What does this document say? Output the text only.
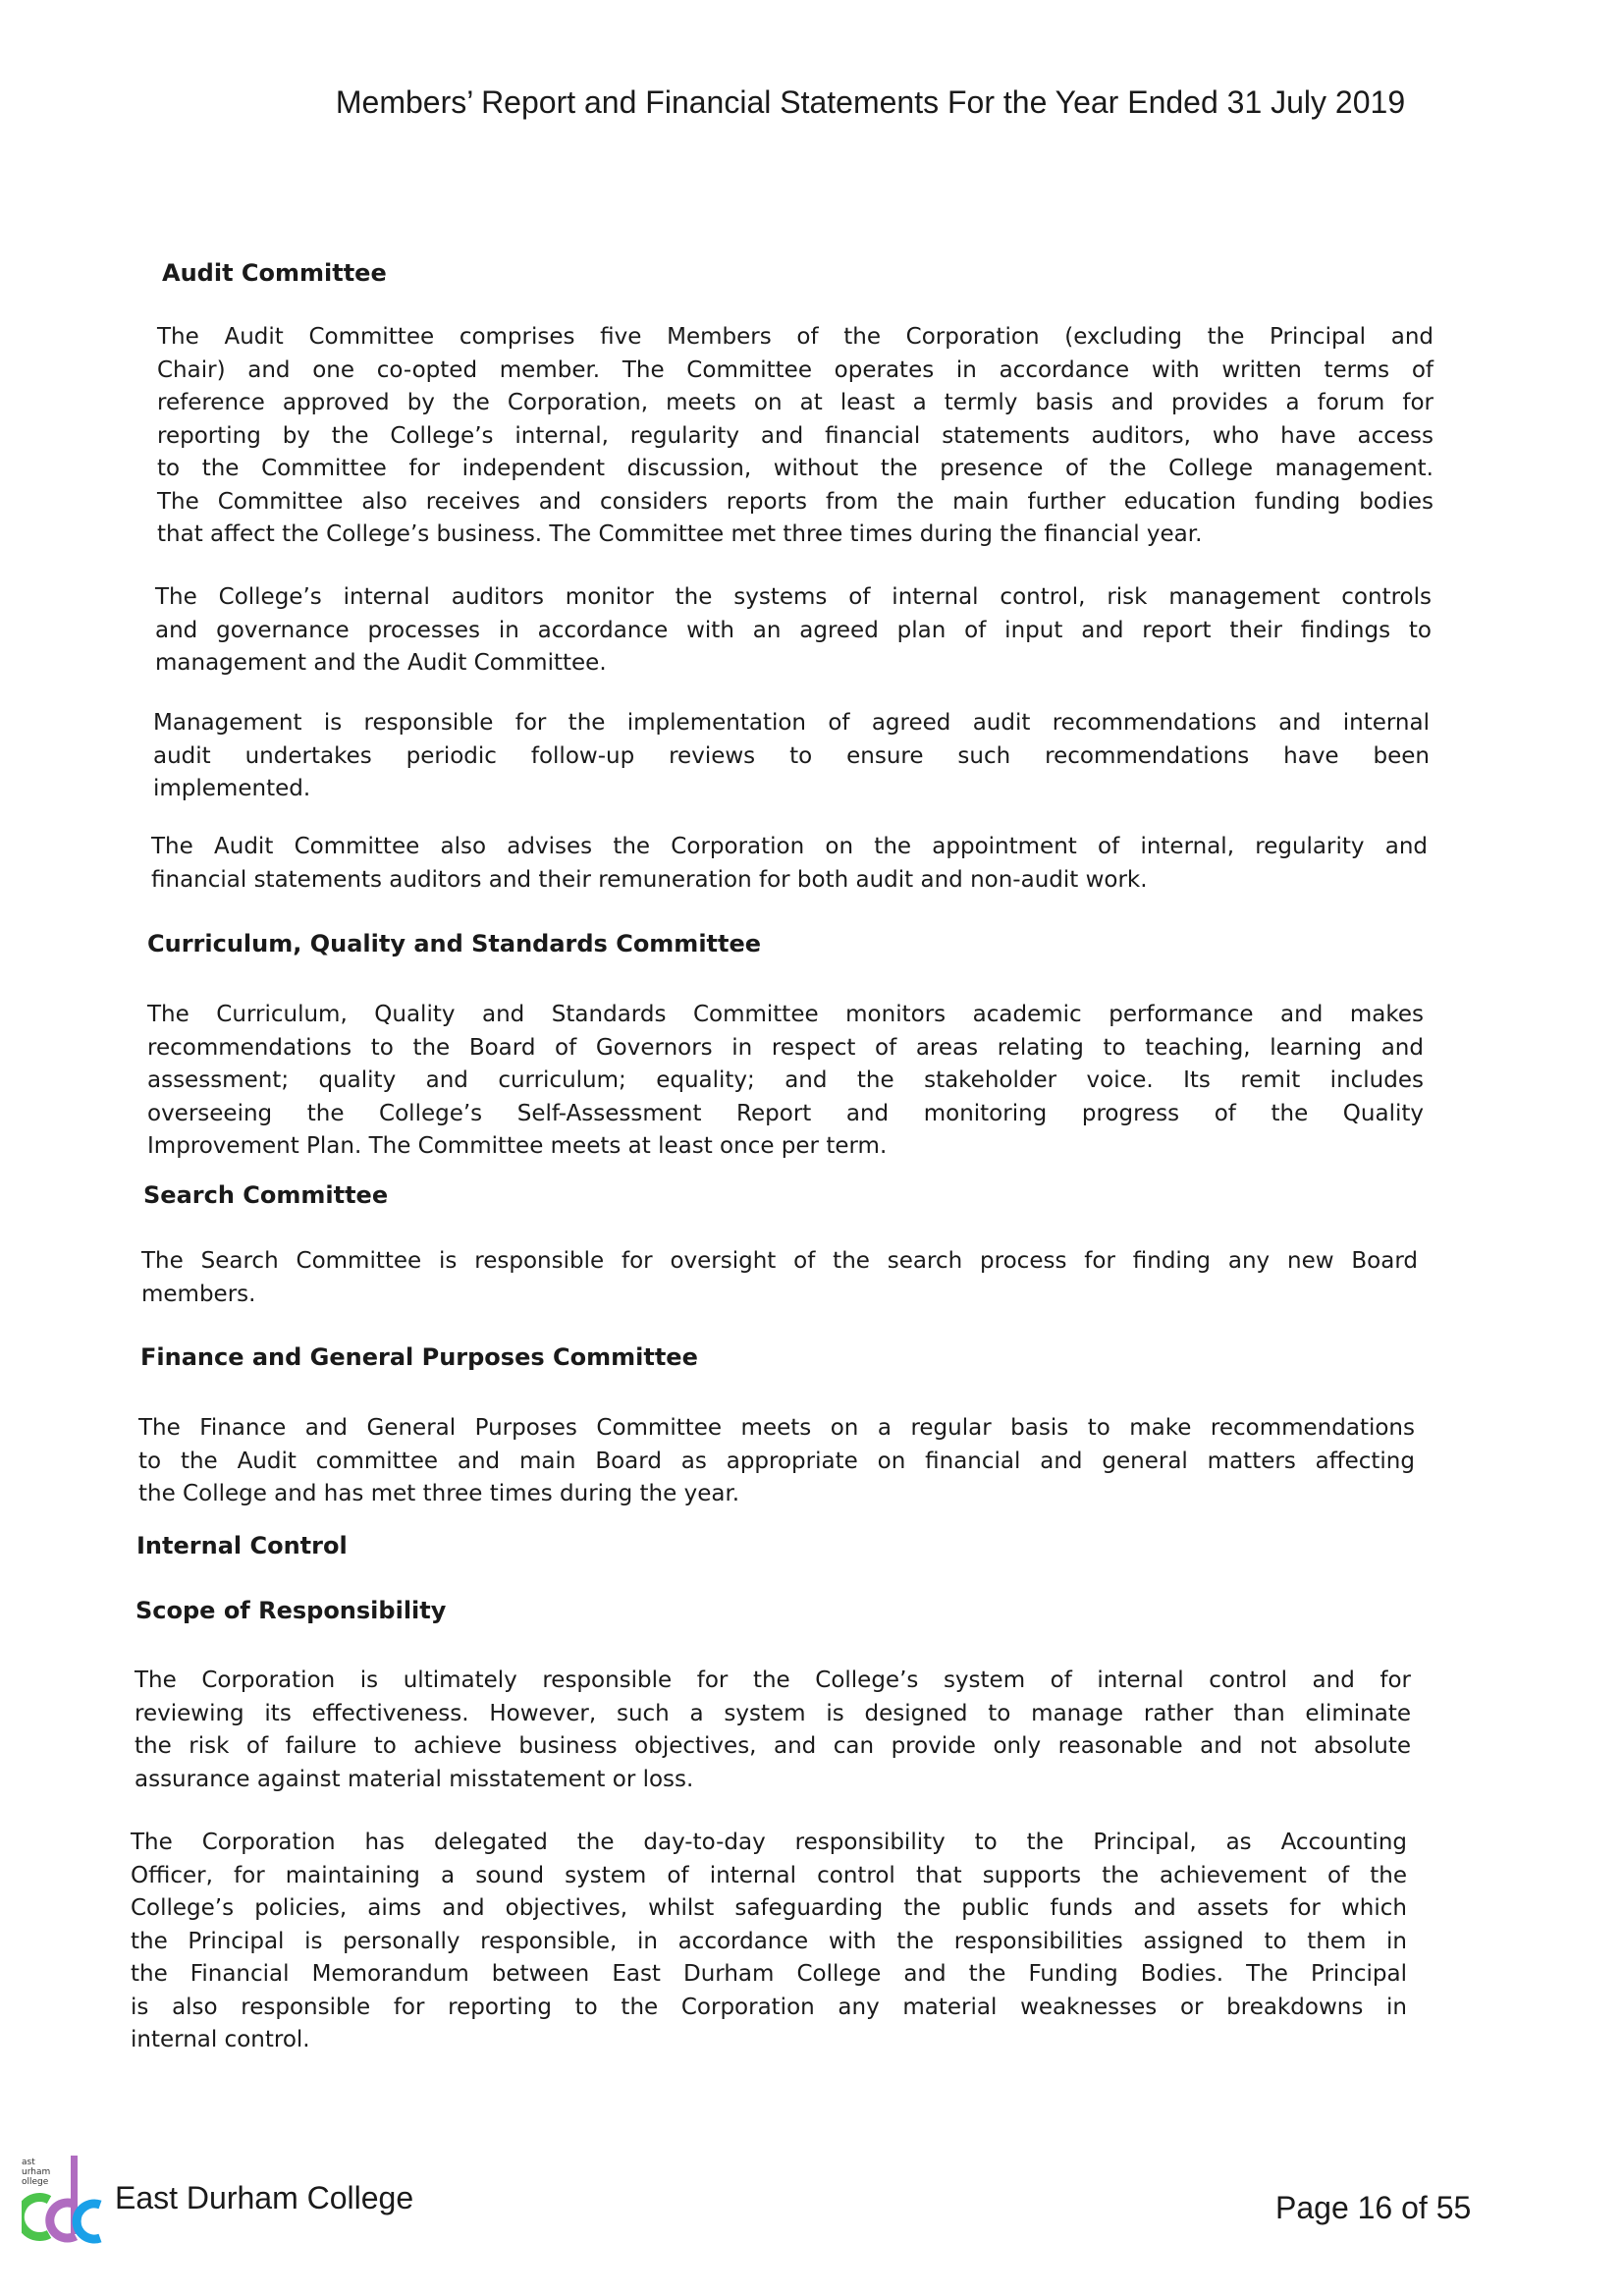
Members’ Report and Financial Statements For the Year Ended 31 July 2019
Audit Committee
The Audit Committee comprises five Members of the Corporation (excluding the Principal and
Chair) and one co-opted member. The Committee operates in accordance with written terms of
reference approved by the Corporation, meets on at least a termly basis and provides a forum for
reporting by the College’s internal, regularity and financial statements auditors, who have access
to the Committee for independent discussion, without the presence of the College management.
The Committee also receives and considers reports from the main further education funding bodies
that affect the College’s business. The Committee met three times during the financial year.
The College’s internal auditors monitor the systems of internal control, risk management controls
and governance processes in accordance with an agreed plan of input and report their findings to
management and the Audit Committee.
Management is responsible for the implementation of agreed audit recommendations and internal
audit undertakes periodic follow-up reviews to ensure such recommendations have been
implemented.
The Audit Committee also advises the Corporation on the appointment of internal, regularity and
financial statements auditors and their remuneration for both audit and non-audit work.
Curriculum, Quality and Standards Committee
The Curriculum, Quality and Standards Committee monitors academic performance and makes
recommendations to the Board of Governors in respect of areas relating to teaching, learning and
assessment; quality and curriculum; equality; and the stakeholder voice. Its remit includes
overseeing the College’s Self-Assessment Report and monitoring progress of the Quality
Improvement Plan. The Committee meets at least once per term.
Search Committee
The Search Committee is responsible for oversight of the search process for finding any new Board
members.
Finance and General Purposes Committee
The Finance and General Purposes Committee meets on a regular basis to make recommendations
to the Audit committee and main Board as appropriate on financial and general matters affecting
the College and has met three times during the year.
Internal Control
Scope of Responsibility
The Corporation is ultimately responsible for the College’s system of internal control and for
reviewing its effectiveness. However, such a system is designed to manage rather than eliminate
the risk of failure to achieve business objectives, and can provide only reasonable and not absolute
assurance against material misstatement or loss.
The Corporation has delegated the day-to-day responsibility to the Principal, as Accounting
Officer, for maintaining a sound system of internal control that supports the achievement of the
College’s policies, aims and objectives, whilst safeguarding the public funds and assets for which
the Principal is personally responsible, in accordance with the responsibilities assigned to them in
the Financial Memorandum between East Durham College and the Funding Bodies. The Principal
is also responsible for reporting to the Corporation any material weaknesses or breakdowns in
internal control.
ast
urham
ollege East Durham College	Page 16 of 55
